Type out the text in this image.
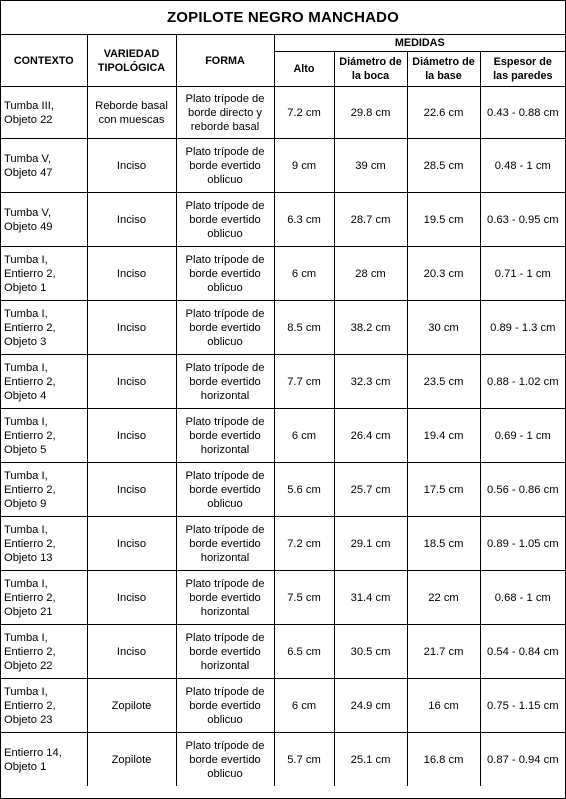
ZOPILOTE NEGRO MANCHADO
CONTEXTO	VARIEDAD
TIPOLÓGICA	FORMA	MEDIDAS			
			Alto	Diámetro de
la boca	Diámetro de
la base	Espesor de
las paredes
Tumba III,
Objeto 22	Reborde basal
con muescas	Plato trípode de
borde directo y
reborde basal	7.2 cm	29.8 cm	22.6 cm	0.43 - 0.88 cm
Tumba V,
Objeto 47	Inciso	Plato trípode de
borde evertido
oblicuo	9 cm	39 cm	28.5 cm	0.48 - 1 cm
Tumba V,
Objeto 49	Inciso	Plato trípode de
borde evertido
oblicuo	6.3 cm	28.7 cm	19.5 cm	0.63 - 0.95 cm
Tumba I,
Entierro 2,
Objeto 1	Inciso	Plato trípode de
borde evertido
oblicuo	6 cm	28 cm	20.3 cm	0.71 - 1 cm
Tumba I,
Entierro 2,
Objeto 3	Inciso	Plato trípode de
borde evertido
oblicuo	8.5 cm	38.2 cm	30 cm	0.89 - 1.3 cm
Tumba I,
Entierro 2,
Objeto 4	Inciso	Plato trípode de
borde evertido
horizontal	7.7 cm	32.3 cm	23.5 cm	0.88 - 1.02 cm
Tumba I,
Entierro 2,
Objeto 5	Inciso	Plato trípode de
borde evertido
horizontal	6 cm	26.4 cm	19.4 cm	0.69 - 1 cm
Tumba I,
Entierro 2,
Objeto 9	Inciso	Plato trípode de
borde evertido
oblicuo	5.6 cm	25.7 cm	17.5 cm	0.56 - 0.86 cm
Tumba I,
Entierro 2,
Objeto 13	Inciso	Plato trípode de
borde evertido
horizontal	7.2 cm	29.1 cm	18.5 cm	0.89 - 1.05 cm
Tumba I,
Entierro 2,
Objeto 21	Inciso	Plato trípode de
borde evertido
horizontal	7.5 cm	31.4 cm	22 cm	0.68 - 1 cm
Tumba I,
Entierro 2,
Objeto 22	Inciso	Plato trípode de
borde evertido
horizontal	6.5 cm	30.5 cm	21.7 cm	0.54 - 0.84 cm
Tumba I,
Entierro 2,
Objeto 23	Zopilote	Plato trípode de
borde evertido
oblicuo	6 cm	24.9 cm	16 cm	0.75 - 1.15 cm
Entierro 14,
Objeto 1	Zopilote	Plato trípode de
borde evertido
oblicuo	5.7 cm	25.1 cm	16.8 cm	0.87 - 0.94 cm
